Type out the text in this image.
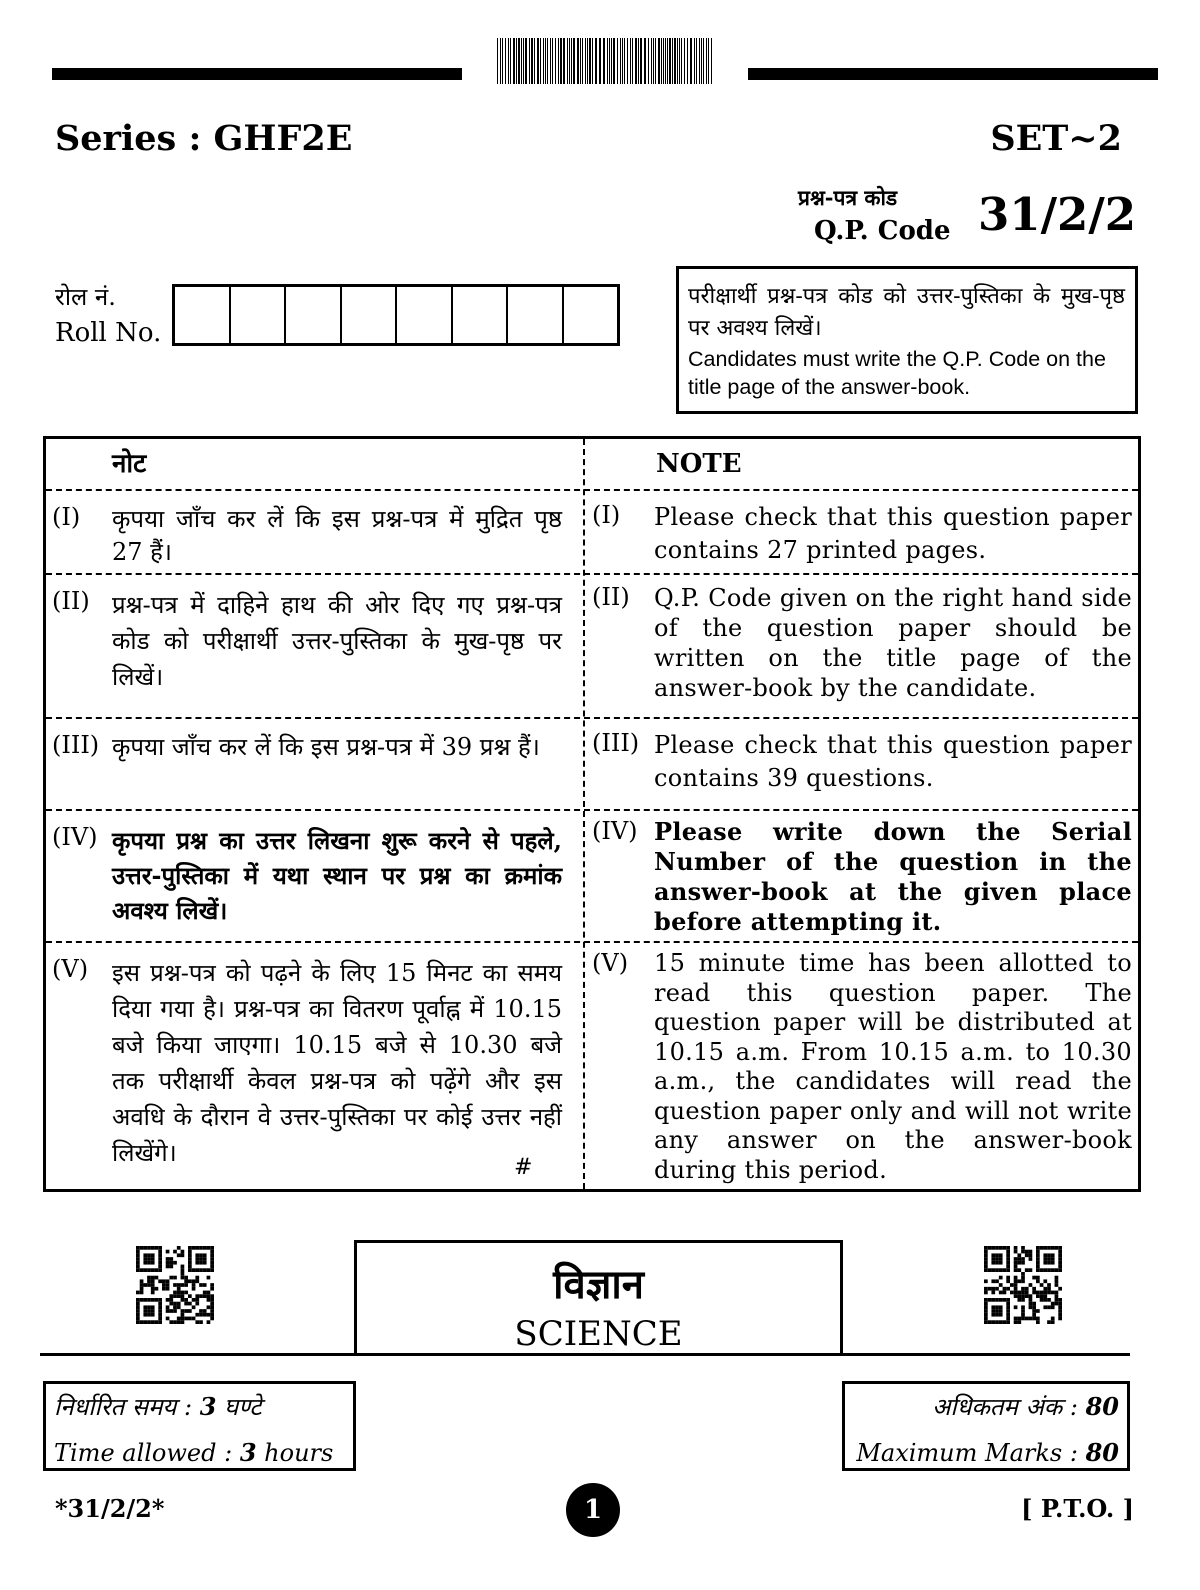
Series : GHF2E	SET~2
प्रश्न-पत्र कोड
Q.P. Code 31/2/2
रोल नं.
Roll No.
परीक्षार्थी प्रश्न-पत्र कोड को उत्तर-पुस्तिका के मुख-पृष्ठ पर अवश्य लिखें।
Candidates must write the Q.P. Code on the title page of the answer-book.
नोट	NOTE
(I) कृपया जाँच कर लें कि इस प्रश्न-पत्र में मुद्रित पृष्ठ 27 हैं।
(I) Please check that this question paper contains 27 printed pages.
(II) प्रश्न-पत्र में दाहिने हाथ की ओर दिए गए प्रश्न-पत्र कोड को परीक्षार्थी उत्तर-पुस्तिका के मुख-पृष्ठ पर लिखें।
(II) Q.P. Code given on the right hand side of the question paper should be written on the title page of the answer-book by the candidate.
(III) कृपया जाँच कर लें कि इस प्रश्न-पत्र में 39 प्रश्न हैं।	(III) Please check that this question paper contains 39 questions.
(IV) कृपया प्रश्न का उत्तर लिखना शुरू करने से पहले, उत्तर-पुस्तिका में यथा स्थान पर प्रश्न का क्रमांक अवश्य लिखें।
(IV) Please write down the Serial Number of the question in the answer-book at the given place before attempting it.
(V) इस प्रश्न-पत्र को पढ़ने के लिए 15 मिनट का समय दिया गया है। प्रश्न-पत्र का वितरण पूर्वाह्न में 10.15 बजे किया जाएगा। 10.15 बजे से 10.30 बजे तक परीक्षार्थी केवल प्रश्न-पत्र को पढ़ेंगे और इस अवधि के दौरान वे उत्तर-पुस्तिका पर कोई उत्तर नहीं लिखेंगे।
(V) 15 minute time has been allotted to read this question paper. The question paper will be distributed at 10.15 a.m. From 10.15 a.m. to 10.30 a.m., the candidates will read the question paper only and will not write any answer on the answer-book during this period.
#
विज्ञान
SCIENCE
निर्धारित समय : 3 घण्टे
Time allowed : 3 hours
अधिकतम अंक : 80
Maximum Marks : 80
*31/2/2*	1	[ P.T.O. ]
